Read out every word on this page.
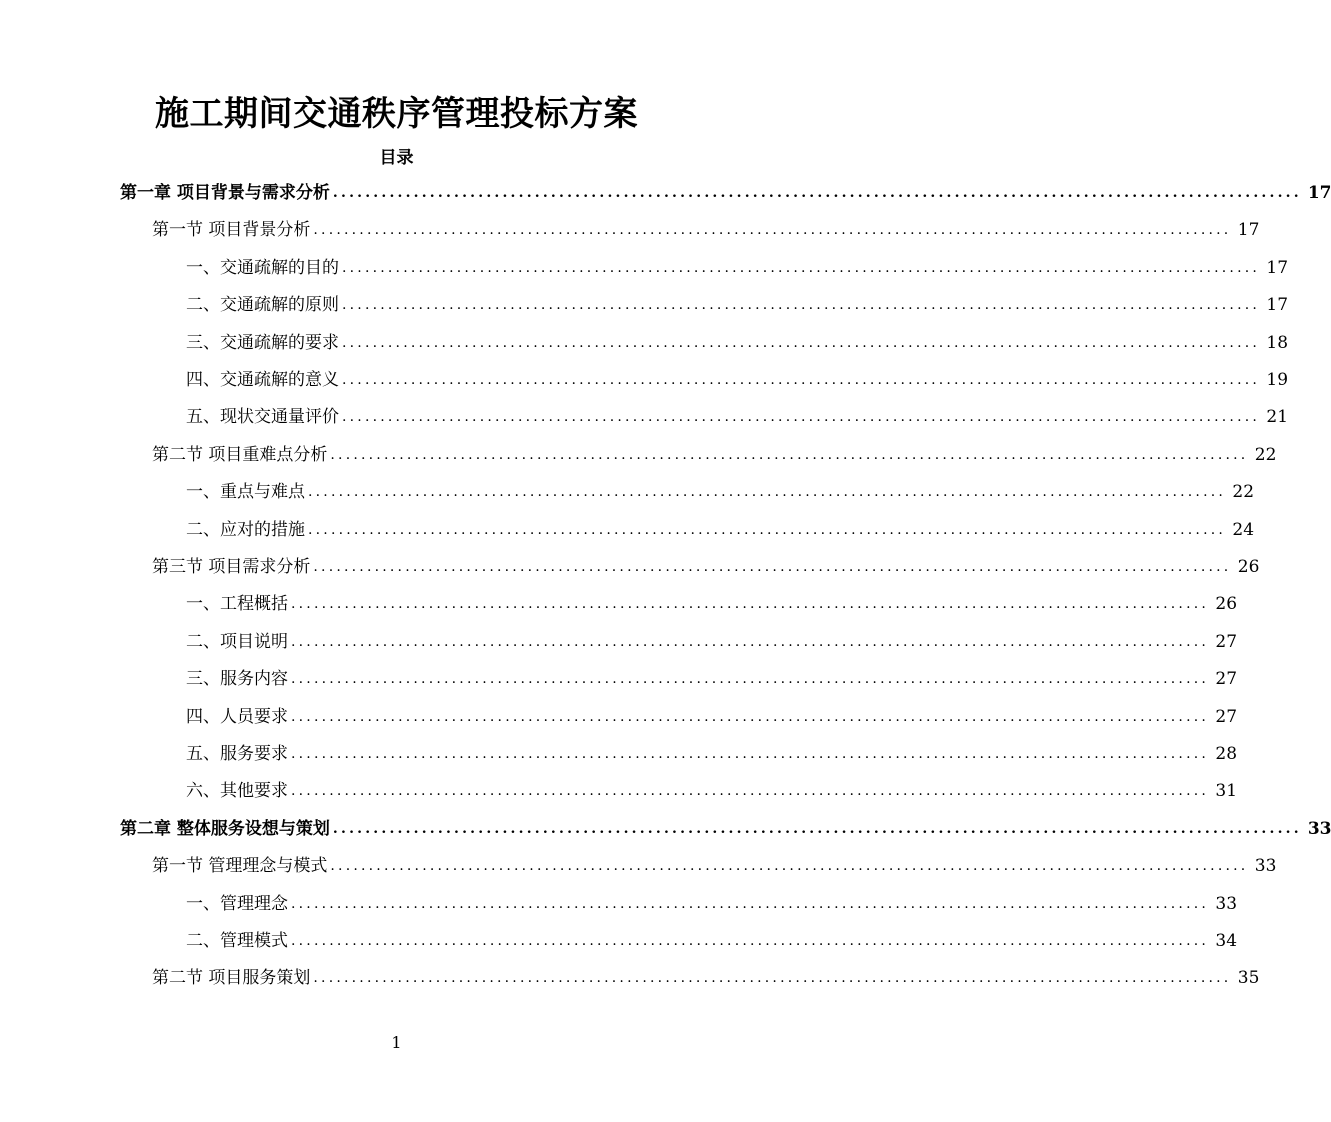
施工期间交通秩序管理投标方案
目录
第一章 项目背景与需求分析 ........................................................................................................................ 17
第一节 项目背景分析 ........................................................................................................................ 17
一、交通疏解的目的 ........................................................................................................................ 17
二、交通疏解的原则 ........................................................................................................................ 17
三、交通疏解的要求 ........................................................................................................................ 18
四、交通疏解的意义 ........................................................................................................................ 19
五、现状交通量评价 ........................................................................................................................ 21
第二节 项目重难点分析 ........................................................................................................................ 22
一、重点与难点 ........................................................................................................................ 22
二、应对的措施 ........................................................................................................................ 24
第三节 项目需求分析 ........................................................................................................................ 26
一、工程概括 ........................................................................................................................ 26
二、项目说明 ........................................................................................................................ 27
三、服务内容 ........................................................................................................................ 27
四、人员要求 ........................................................................................................................ 27
五、服务要求 ........................................................................................................................ 28
六、其他要求 ........................................................................................................................ 31
第二章 整体服务设想与策划 ........................................................................................................................ 33
第一节 管理理念与模式 ........................................................................................................................ 33
一、管理理念 ........................................................................................................................ 33
二、管理模式 ........................................................................................................................ 34
第二节 项目服务策划 ........................................................................................................................ 35
1
